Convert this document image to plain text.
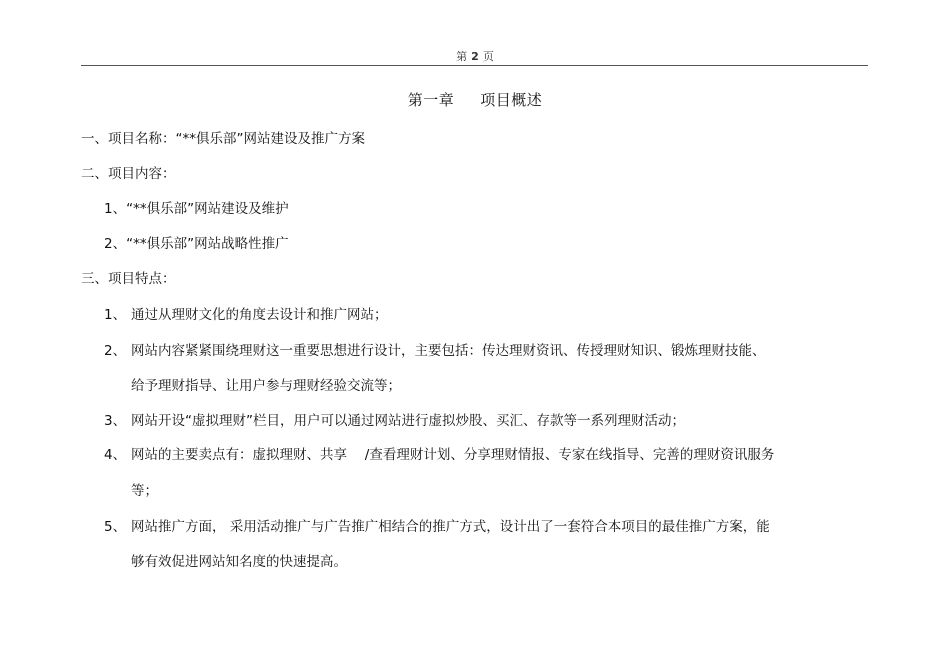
第 2 页
第一章 项目概述
一、项目名称：“**俱乐部”网站建设及推广方案
二、项目内容：
1、“**俱乐部”网站建设及维护
2、“**俱乐部”网站战略性推广
三、项目特点：
1、 通过从理财文化的角度去设计和推广网站；
2、 网站内容紧紧围绕理财这一重要思想进行设计，主要包括：传达理财资讯、传授理财知识、锻炼理财技能、
给予理财指导、让用户参与理财经验交流等；
3、 网站开设“虚拟理财”栏目，用户可以通过网站进行虚拟炒股、买汇、存款等一系列理财活动；
4、 网站的主要卖点有：虚拟理财、共享　 /查看理财计划、分享理财情报、专家在线指导、完善的理财资讯服务
等；
5、 网站推广方面， 采用活动推广与广告推广相结合的推广方式，设计出了一套符合本项目的最佳推广方案，能
够有效促进网站知名度的快速提高。
